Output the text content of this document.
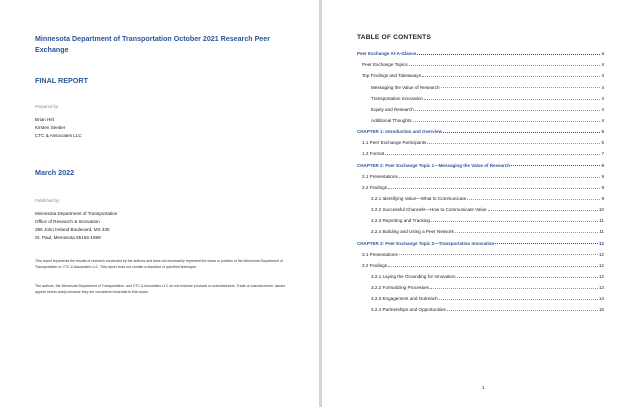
Minnesota Department of Transportation October 2021 Research Peer Exchange

FINAL REPORT

Prepared by:

Brian Hirt
Kirsten Seeber
CTC & Associates LLC

March 2022

Published by:

Minnesota Department of Transportation
Office of Research & Innovation
395 John Ireland Boulevard, MS 330
St. Paul, Minnesota 55155-1899

This report represents the results of research conducted by the authors and does not necessarily represent the views or policies of the Minnesota Department of Transportation or CTC & Associates LLC. This report does not contain a standard or specified technique.

The authors, the Minnesota Department of Transportation, and CTC & Associates LLC do not endorse products or manufacturers. Trade or manufacturers' names appear herein solely because they are considered essential to this report.

TABLE OF CONTENTS
Peer Exchange At-A-Glance	4
Peer Exchange Topics	4
Top Findings and Takeaways	4
Messaging the Value of Research	4
Transportation Innovation	4
Equity and Research	4
Additional Thoughts	4
CHAPTER 1: Introduction and Overview	5
1.1 Peer Exchange Participants	5
1.2 Format	7
CHAPTER 2: Peer Exchange Topic 1—Messaging the Value of Research	9
2.1 Presentations	9
2.2 Findings	9
2.2.1 Identifying Value—What to Communicate	9
2.2.2 Successful Channels—How to Communicate Value	10
2.2.3 Reporting and Tracking	11
2.2.4 Building and Using a Peer Network	11
CHAPTER 3: Peer Exchange Topic 2—Transportation Innovation	12
3.1 Presentations	12
3.2 Findings	12
3.2.1 Laying the Grounding for Innovation	12
3.2.2 Formalizing Processes	13
3.2.3 Engagement and Outreach	14
3.2.4 Partnerships and Opportunities	15

1
